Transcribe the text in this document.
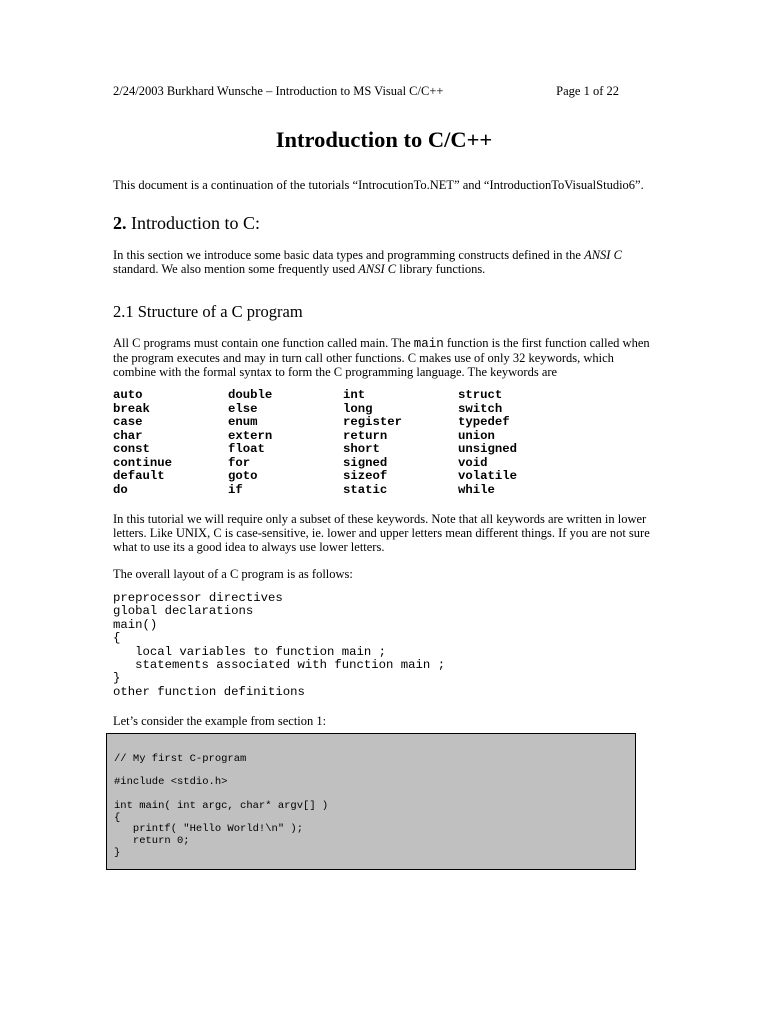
2/24/2003 Burkhard Wunsche – Introduction to MS Visual C/C++	Page 1 of 22
Introduction to C/C++
This document is a continuation of the tutorials “IntrocutionTo.NET” and “IntroductionToVisualStudio6”.
2. Introduction to C:
In this section we introduce some basic data types and programming constructs defined in the ANSI C standard. We also mention some frequently used ANSI C library functions.
2.1 Structure of a C program
All C programs must contain one function called main. The main function is the first function called when the program executes and may in turn call other functions. C makes use of only 32 keywords, which combine with the formal syntax to form the C programming language. The keywords are
auto	double	int	struct
break	else	long	switch
case	enum	register	typedef
char	extern	return	union
const	float	short	unsigned
continue	for	signed	void
default	goto	sizeof	volatile
do	if	static	while
In this tutorial we will require only a subset of these keywords. Note that all keywords are written in lower letters. Like UNIX, C is case-sensitive, ie. lower and upper letters mean different things. If you are not sure what to use its a good idea to always use lower letters.
The overall layout of a C program is as follows:
preprocessor directives
global declarations
main()
{
local variables to function main ;
statements associated with function main ;
}
other function definitions
Let’s consider the example from section 1:
// My first C-program

#include <stdio.h>

int main( int argc, char* argv[] )
{
printf( "Hello World!\n" );
return 0;
}
